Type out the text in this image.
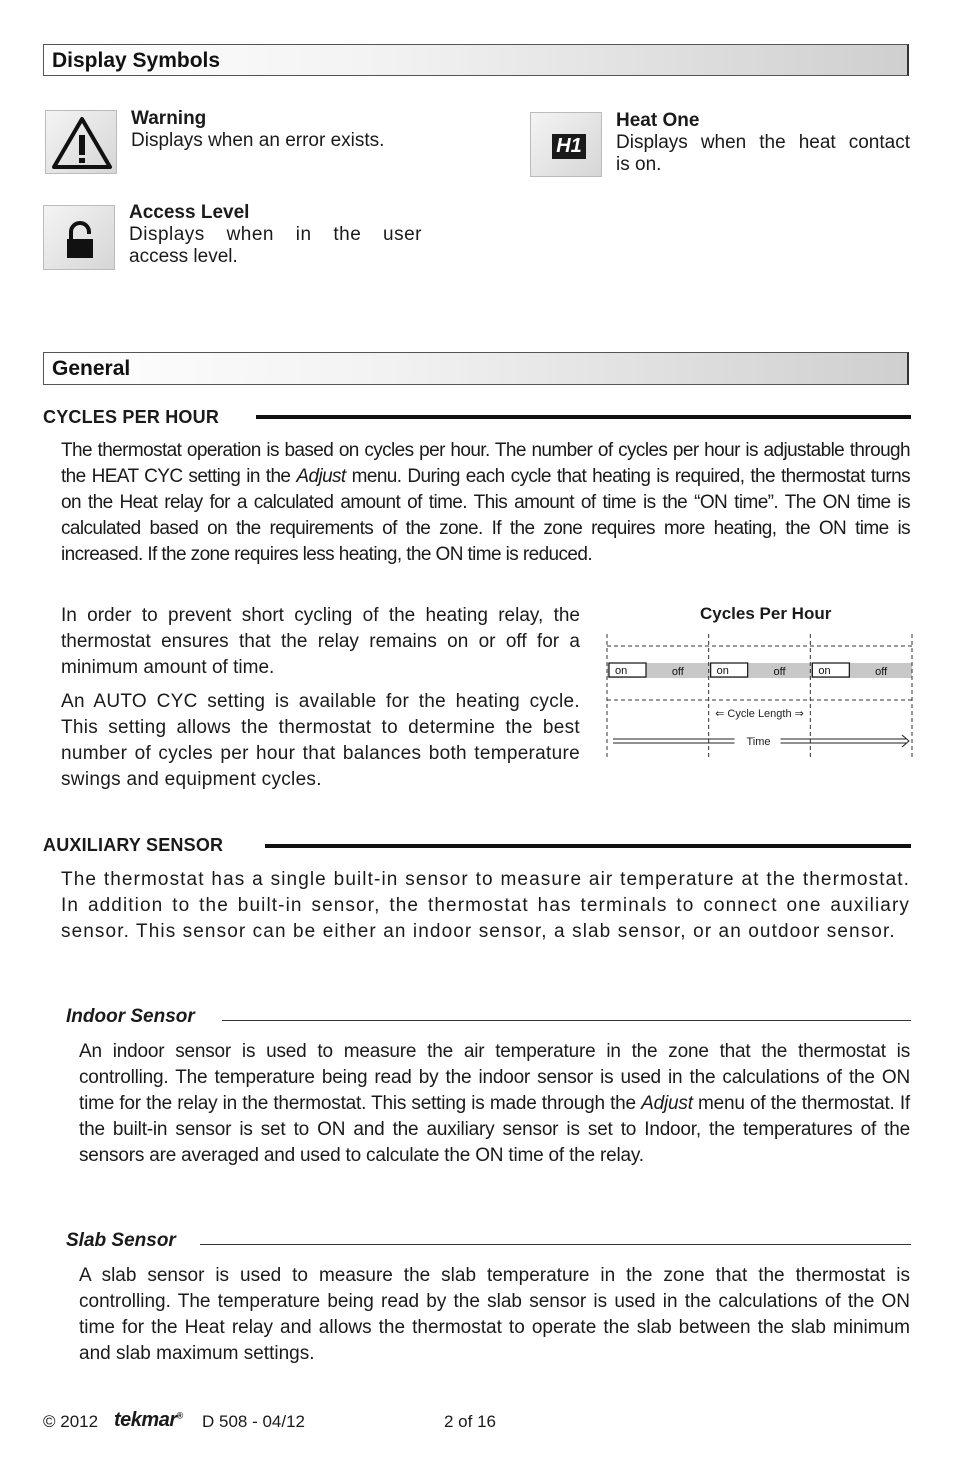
Display Symbols
Warning
Displays when an error exists.	H1
Heat One
Displays when the heat contact
is on.
Access Level
Displays when in the user
access level.
General
CYCLES PER HOUR
The thermostat operation is based on cycles per hour. The number of cycles per hour is adjustable through the HEAT CYC setting in the Adjust menu. During each cycle that heating is required, the thermostat turns on the Heat relay for a calculated amount of time. This amount of time is the “ON time”. The ON time is calculated based on the requirements of the zone. If the zone requires more heating, the ON time is increased. If the zone requires less heating, the ON time is reduced.
In order to prevent short cycling of the heating relay, the thermostat ensures that the relay remains on or off for a minimum amount of time.
An AUTO CYC setting is available for the heating cycle. This setting allows the thermostat to determine the best number of cycles per hour that balances both temperature swings and equipment cycles.
Cycles Per Hour
on	off	on	off	on	off
⇐ Cycle Length ⇒
Time
AUXILIARY SENSOR
The thermostat has a single built-in sensor to measure air temperature at the thermostat. In addition to the built-in sensor, the thermostat has terminals to connect one auxiliary sensor. This sensor can be either an indoor sensor, a slab sensor, or an outdoor sensor.
Indoor Sensor
An indoor sensor is used to measure the air temperature in the zone that the thermostat is controlling. The temperature being read by the indoor sensor is used in the calculations of the ON time for the relay in the thermostat. This setting is made through the Adjust menu of the thermostat. If the built-in sensor is set to ON and the auxiliary sensor is set to Indoor, the temperatures of the sensors are averaged and used to calculate the ON time of the relay.
Slab Sensor
A slab sensor is used to measure the slab temperature in the zone that the thermostat is controlling. The temperature being read by the slab sensor is used in the calculations of the ON time for the Heat relay and allows the thermostat to operate the slab between the slab minimum and slab maximum settings.
© 2012 tekmar® D 508 - 04/12	2 of 16
